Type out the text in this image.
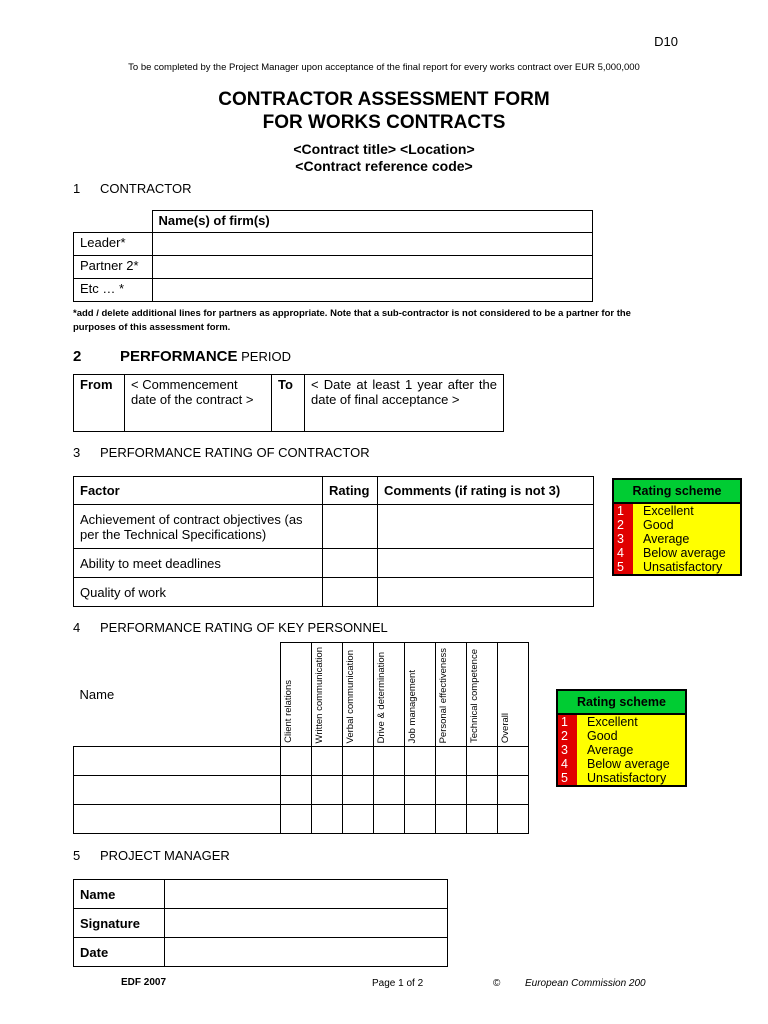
D10
To be completed by the Project Manager upon acceptance of the final report for every works contract over EUR 5,000,000
CONTRACTOR ASSESSMENT FORM
FOR WORKS CONTRACTS
<Contract title> <Location>
<Contract reference code>
1 CONTRACTOR
	Name(s) of firm(s)
Leader*	
Partner 2*	
Etc … *	
*add / delete additional lines for partners as appropriate. Note that a sub-contractor is not considered to be a partner for the purposes of this assessment form.
2	PERFORMANCE PERIOD
From	< Commencement date of the contract >	To	< Date at least 1 year after the date of final acceptance >
3 PERFORMANCE RATING OF CONTRACTOR
Factor	Rating	Comments (if rating is not 3)
Achievement of contract objectives (as per the Technical Specifications)		
Ability to meet deadlines		
Quality of work		
Rating scheme
1	Excellent
2	Good
3	Average
4	Below average
5	Unsatisfactory
4 PERFORMANCE RATING OF KEY PERSONNEL
Name	Client relations	Written communication	Verbal communication	Drive & determination	Job management	Personal effectiveness	Technical competence	Overall

Rating scheme
1	Excellent
2	Good
3	Average
4	Below average
5	Unsatisfactory
5 PROJECT MANAGER
Name	
Signature	
Date	
EDF 2007	Page 1 of 2	© European Commission 200
